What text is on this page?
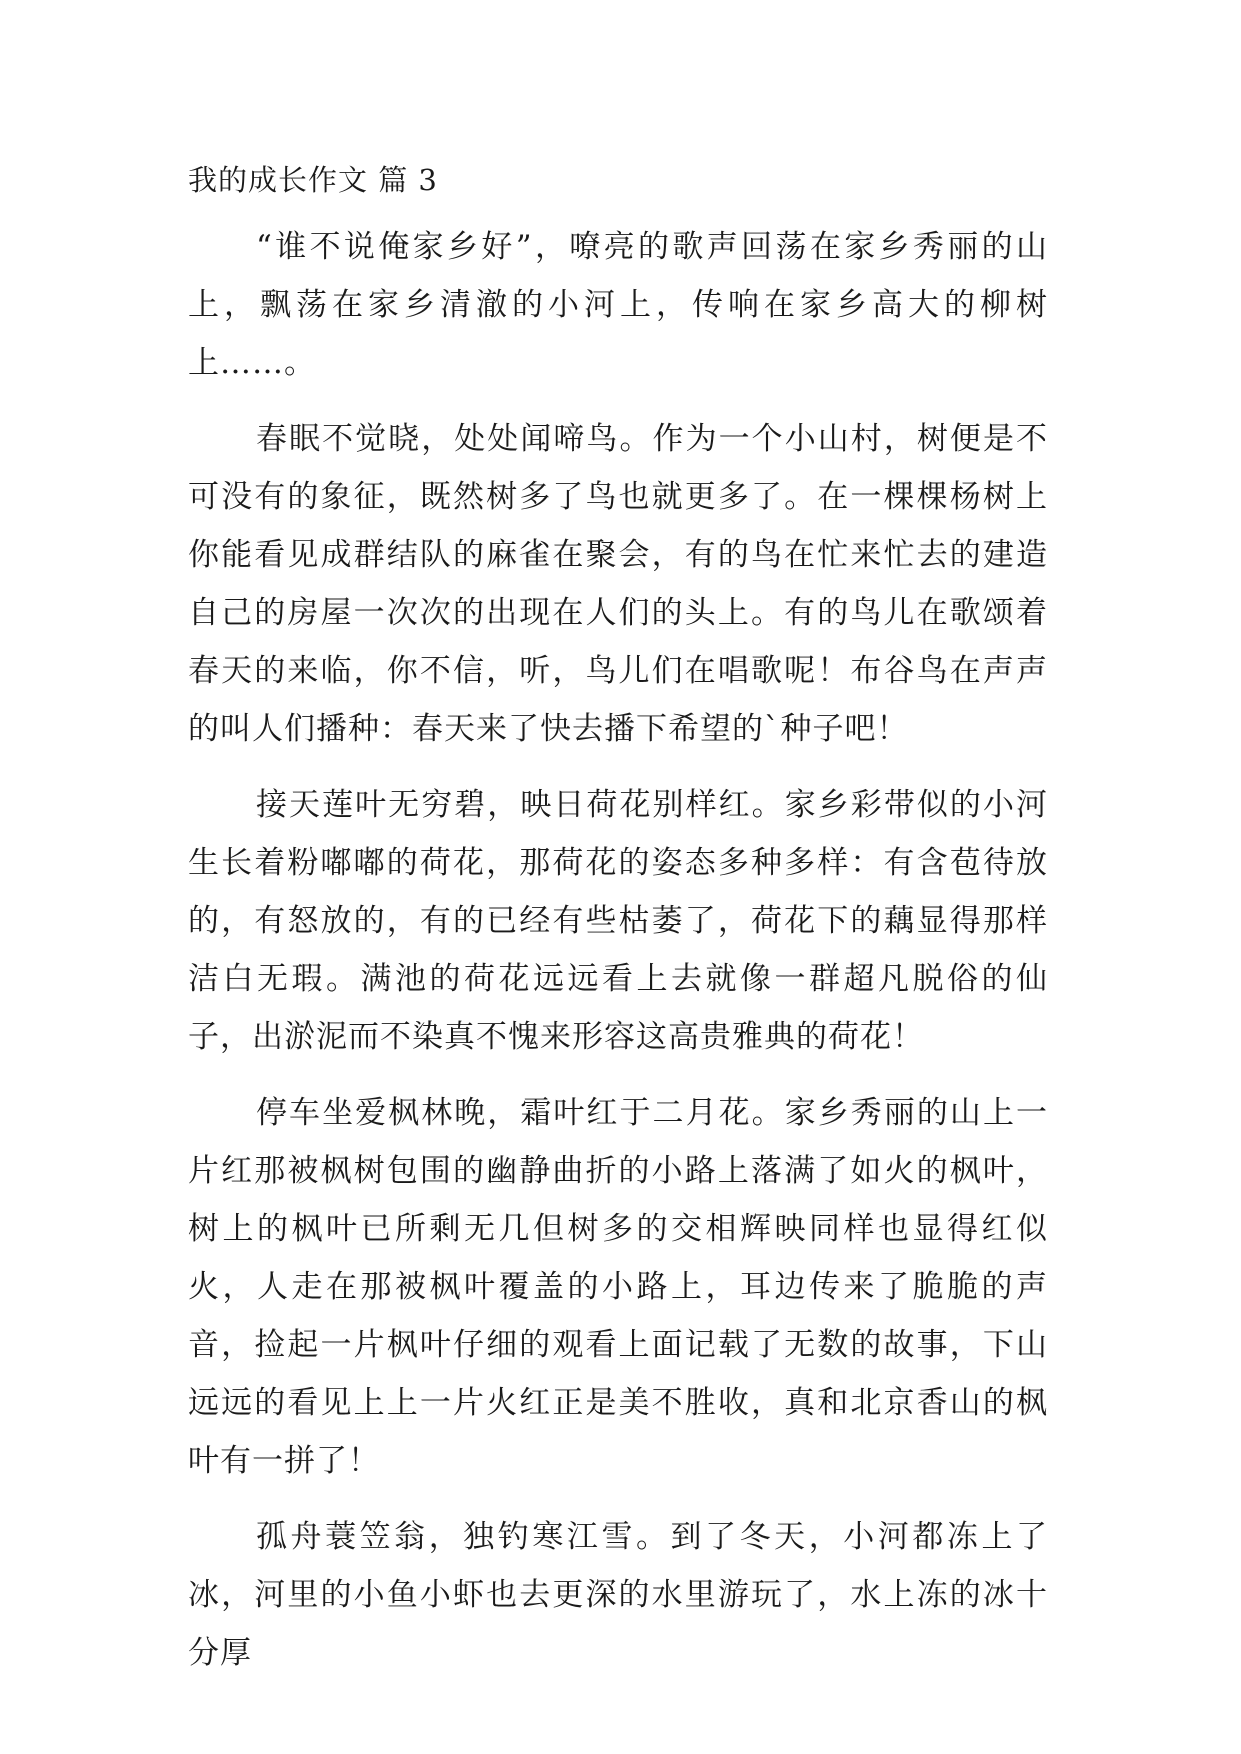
我的成长作文 篇 3

“谁不说俺家乡好”，嘹亮的歌声回荡在家乡秀丽的山上，飘荡在家乡清澈的小河上，传响在家乡高大的柳树上……。

春眠不觉晓，处处闻啼鸟。作为一个小山村，树便是不可没有的象征，既然树多了鸟也就更多了。在一棵棵杨树上你能看见成群结队的麻雀在聚会，有的鸟在忙来忙去的建造自己的房屋一次次的出现在人们的头上。有的鸟儿在歌颂着春天的来临，你不信，听，鸟儿们在唱歌呢！布谷鸟在声声的叫人们播种：春天来了快去播下希望的`种子吧！

接天莲叶无穷碧，映日荷花别样红。家乡彩带似的小河生长着粉嘟嘟的荷花，那荷花的姿态多种多样：有含苞待放的，有怒放的，有的已经有些枯萎了，荷花下的藕显得那样洁白无瑕。满池的荷花远远看上去就像一群超凡脱俗的仙子，出淤泥而不染真不愧来形容这高贵雅典的荷花！

停车坐爱枫林晚，霜叶红于二月花。家乡秀丽的山上一片红那被枫树包围的幽静曲折的小路上落满了如火的枫叶，树上的枫叶已所剩无几但树多的交相辉映同样也显得红似火，人走在那被枫叶覆盖的小路上，耳边传来了脆脆的声音，捡起一片枫叶仔细的观看上面记载了无数的故事，下山远远的看见上上一片火红正是美不胜收，真和北京香山的枫叶有一拼了！

孤舟蓑笠翁，独钓寒江雪。到了冬天，小河都冻上了冰，河里的小鱼小虾也去更深的水里游玩了，水上冻的冰十分厚
